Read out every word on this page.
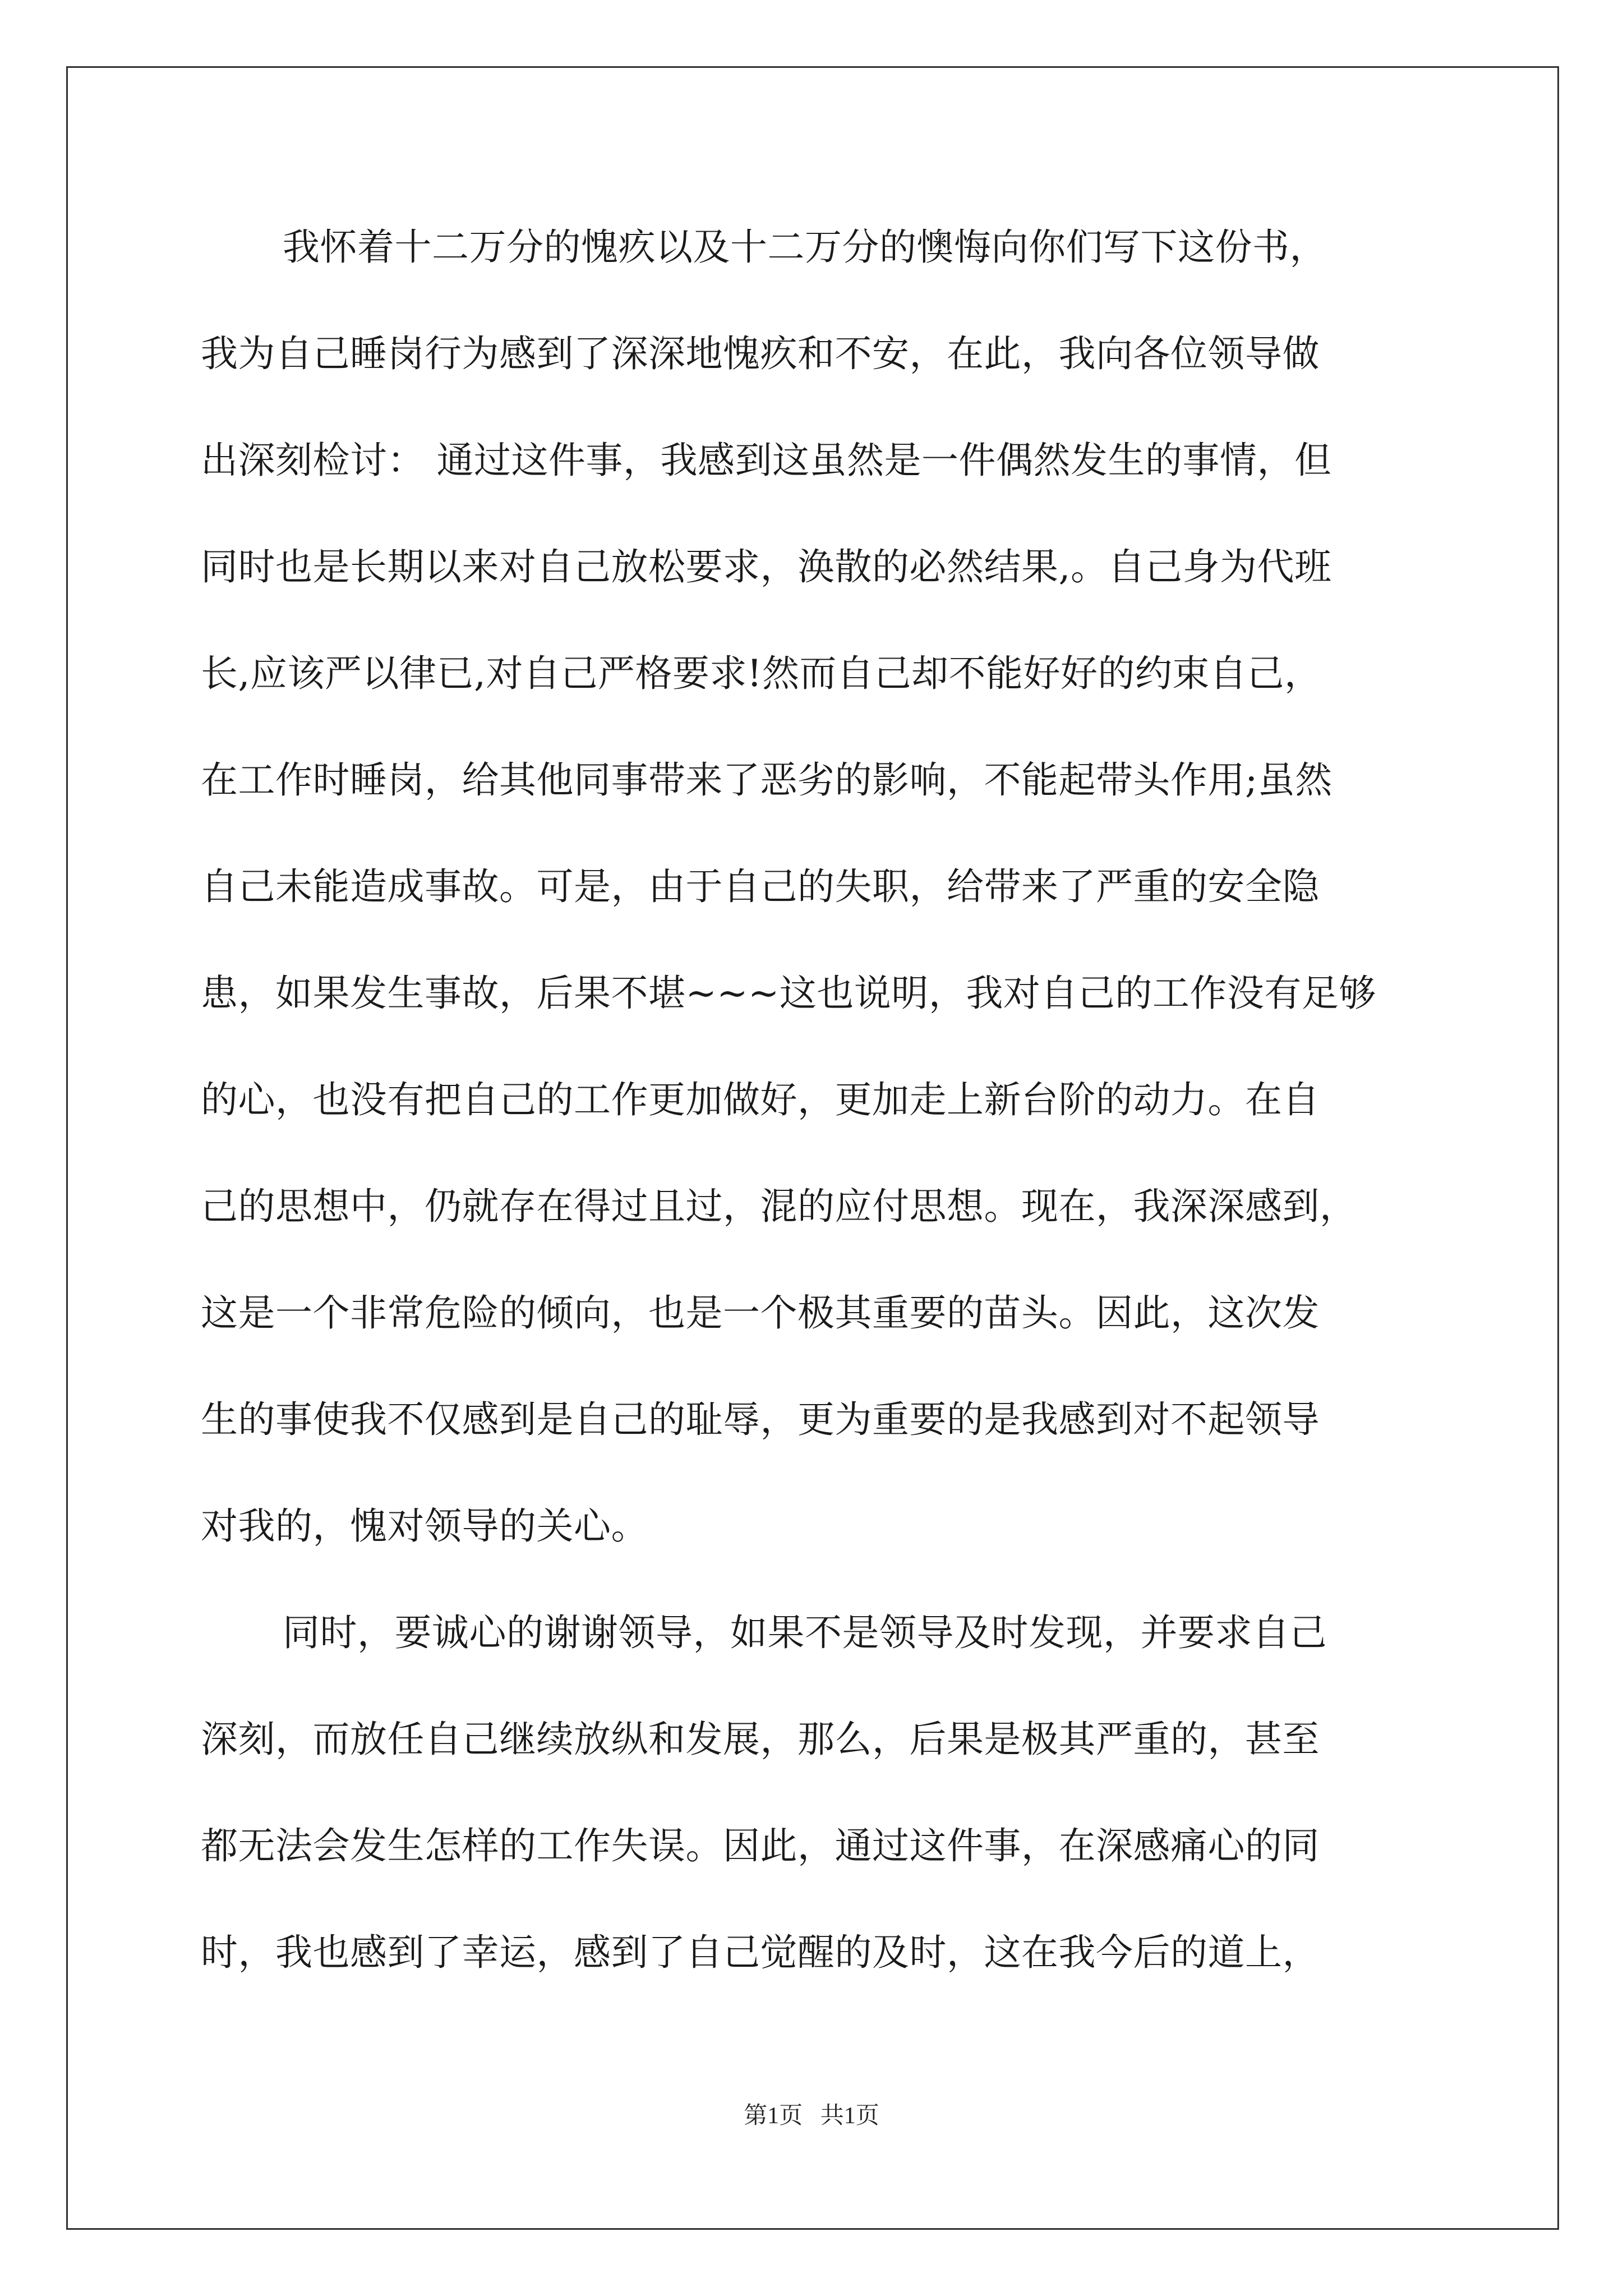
我怀着十二万分的愧疚以及十二万分的懊悔向你们写下这份书，
我为自己睡岗行为感到了深深地愧疚和不安，在此，我向各位领导做
出深刻检讨： 通过这件事，我感到这虽然是一件偶然发生的事情，但
同时也是长期以来对自己放松要求，涣散的必然结果,。自己身为代班
长,应该严以律已,对自己严格要求!然而自己却不能好好的约束自己，
在工作时睡岗，给其他同事带来了恶劣的影响，不能起带头作用;虽然
自己未能造成事故。可是，由于自己的失职，给带来了严重的安全隐
患，如果发生事故，后果不堪~~~这也说明，我对自己的工作没有足够
的心，也没有把自己的工作更加做好，更加走上新台阶的动力。在自
己的思想中，仍就存在得过且过，混的应付思想。现在，我深深感到，
这是一个非常危险的倾向，也是一个极其重要的苗头。因此，这次发
生的事使我不仅感到是自己的耻辱，更为重要的是我感到对不起领导
对我的，愧对领导的关心。
同时，要诚心的谢谢领导，如果不是领导及时发现，并要求自己
深刻，而放任自己继续放纵和发展，那么，后果是极其严重的，甚至
都无法会发生怎样的工作失误。因此，通过这件事，在深感痛心的同
时，我也感到了幸运，感到了自己觉醒的及时，这在我今后的道上，
第1页 共1页
